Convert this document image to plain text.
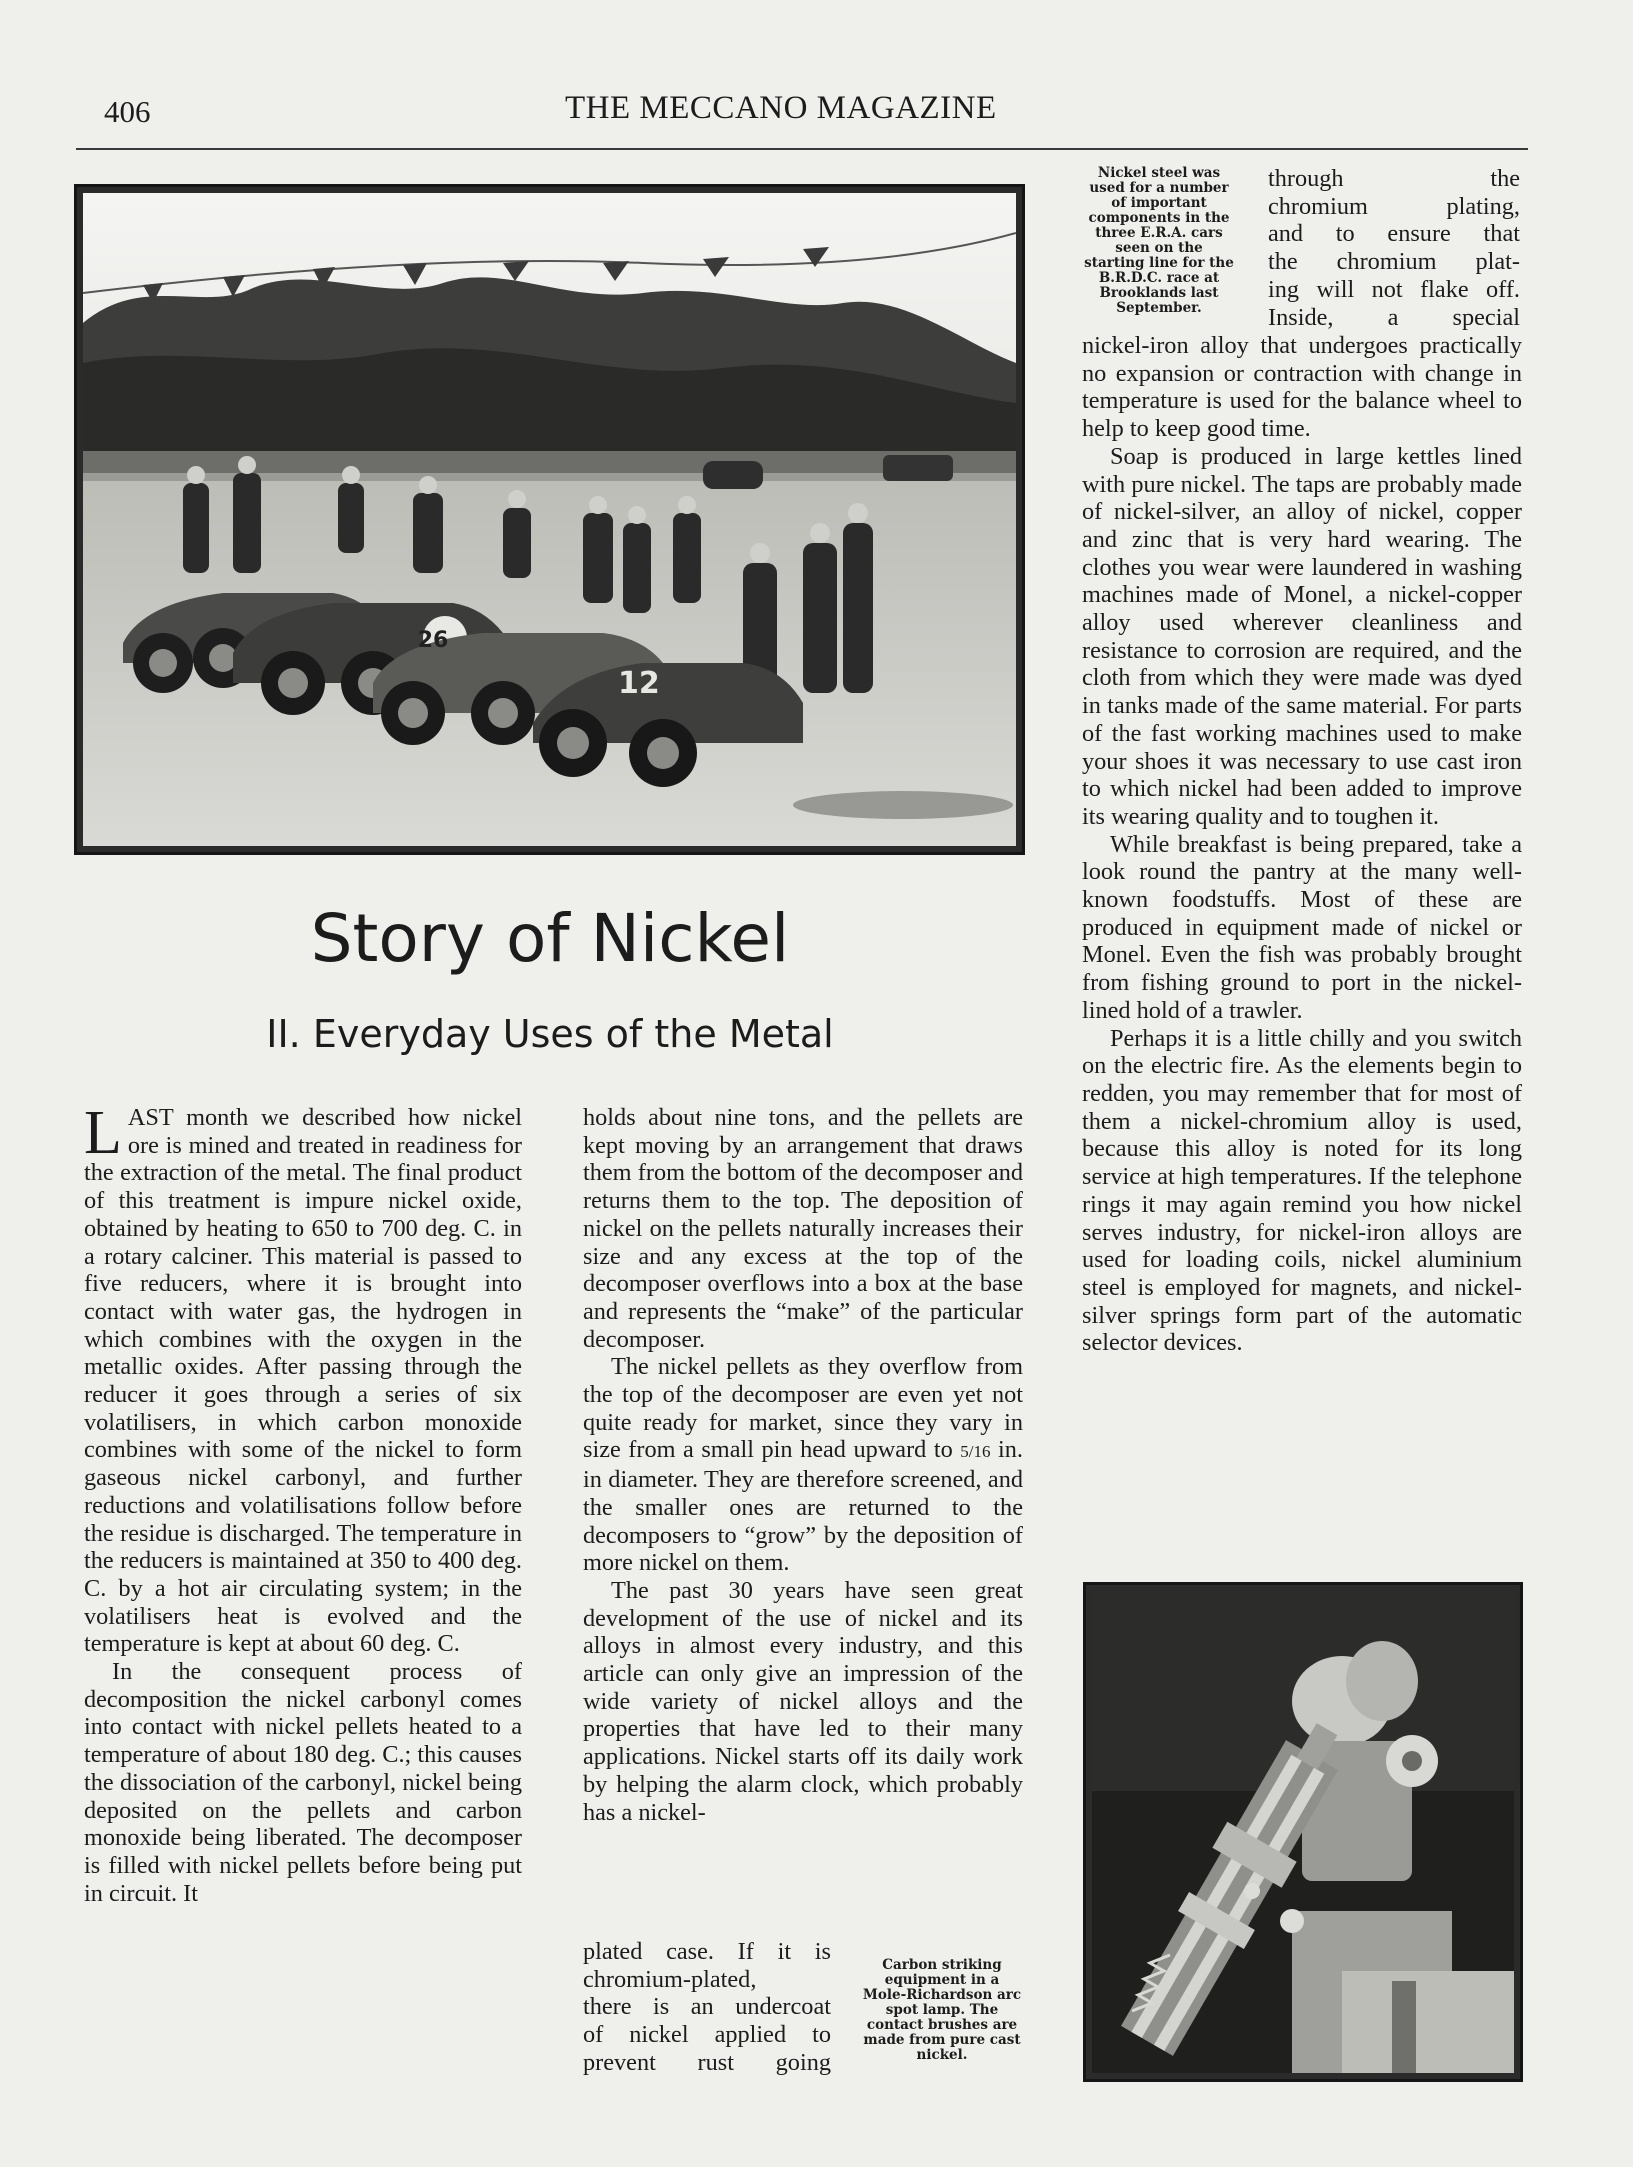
406	THE MECCANO MAGAZINE
26
12
Nickel steel was used for a number of important components in the three E.R.A. cars seen on the starting line for the B.R.D.C. race at Brooklands last September.
through the
chromium plating,
and to ensure that
the chromium plat-
ing will not flake off.
Inside, a special

nickel-iron alloy that undergoes practically no expansion or contraction with change in temperature is used for the balance wheel to help to keep good time.

Soap is produced in large kettles lined with pure nickel. The taps are probably made of nickel-silver, an alloy of nickel, copper and zinc that is very hard wearing. The clothes you wear were laundered in washing machines made of Monel, a nickel-copper alloy used wherever cleanliness and resistance to corrosion are required, and the cloth from which they were made was dyed in tanks made of the same material. For parts of the fast working machines used to make your shoes it was necessary to use cast iron to which nickel had been added to improve its wearing quality and to toughen it.

While breakfast is being prepared, take a look round the pantry at the many well-known foodstuffs. Most of these are produced in equipment made of nickel or Monel. Even the fish was probably brought from fishing ground to port in the nickel-lined hold of a trawler.

Perhaps it is a little chilly and you switch on the electric fire. As the elements begin to redden, you may remember that for most of them a nickel-chromium alloy is used, because this alloy is noted for its long service at high temperatures. If the telephone rings it may again remind you how nickel serves industry, for nickel-iron alloys are used for loading coils, nickel aluminium steel is employed for magnets, and nickel-silver springs form part of the automatic selector devices.

Story of Nickel
II. Everyday Uses of the Metal

LAST month we described how nickel ore is mined and treated in readiness for the extraction of the metal. The final product of this treatment is impure nickel oxide, obtained by heating to 650 to 700 deg. C. in a rotary calciner. This material is passed to five reducers, where it is brought into contact with water gas, the hydrogen in which combines with the oxygen in the metallic oxides. After passing through the reducer it goes through a series of six volatilisers, in which carbon monoxide combines with some of the nickel to form gaseous nickel carbonyl, and further reductions and volatilisations follow before the residue is discharged. The temperature in the reducers is maintained at 350 to 400 deg. C. by a hot air circulating system; in the volatilisers heat is evolved and the temperature is kept at about 60 deg. C.

In the consequent process of decomposition the nickel carbonyl comes into contact with nickel pellets heated to a temperature of about 180 deg. C.; this causes the dissociation of the carbonyl, nickel being deposited on the pellets and carbon monoxide being liberated. The decomposer is filled with nickel pellets before being put in circuit. It

holds about nine tons, and the pellets are kept moving by an arrangement that draws them from the bottom of the decomposer and returns them to the top. The deposition of nickel on the pellets naturally increases their size and any excess at the top of the decomposer overflows into a box at the base and represents the “make” of the particular decomposer.

The nickel pellets as they overflow from the top of the decomposer are even yet not quite ready for market, since they vary in size from a small pin head upward to 5/16 in. in diameter. They are therefore screened, and the smaller ones are returned to the decomposers to “grow” by the deposition of more nickel on them.

The past 30 years have seen great development of the use of nickel and its alloys in almost every industry, and this article can only give an impression of the wide variety of nickel alloys and the properties that have led to their many applications. Nickel starts off its daily work by helping the alarm clock, which probably has a nickel-

plated case. If it is
chromium-plated,
there is an undercoat
of nickel applied to
prevent rust going
Carbon striking equipment in a Mole-Richardson arc spot lamp. The contact brushes are made from pure cast nickel.
